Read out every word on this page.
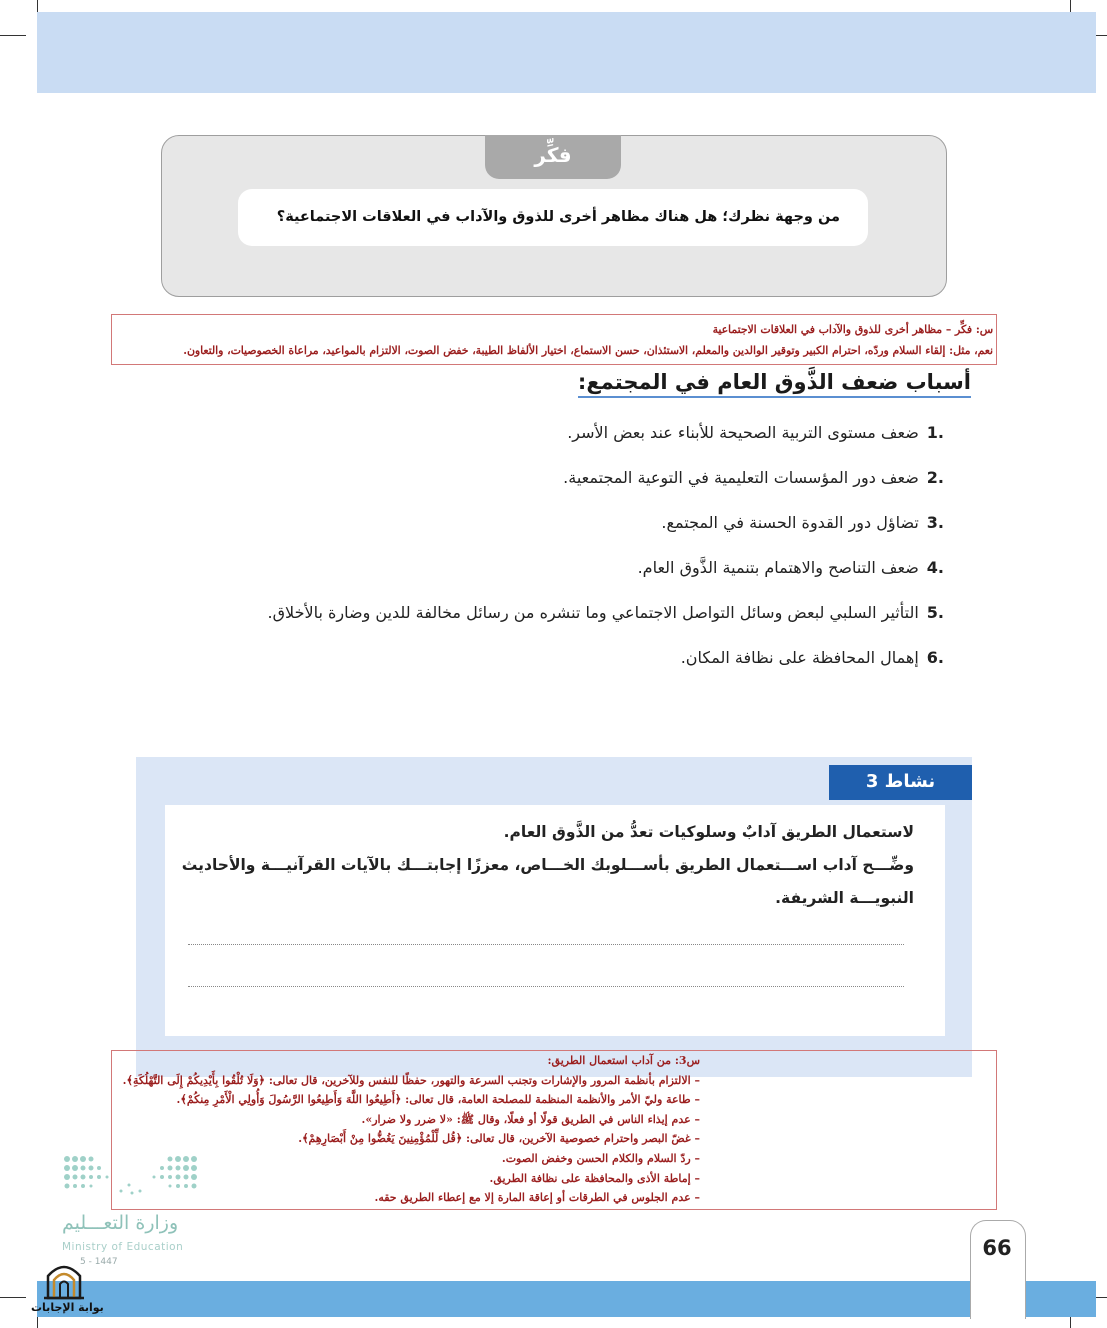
فكِّر
من وجهة نظرك؛ هل هناك مظاهر أخرى للذوق والآداب في العلاقات الاجتماعية؟
س: فكِّر – مظاهر أخرى للذوق والآداب في العلاقات الاجتماعية
نعم، مثل: إلقاء السلام وردّه، احترام الكبير وتوقير الوالدين والمعلم، الاستئذان، حسن الاستماع، اختيار الألفاظ الطيبة، خفض الصوت، الالتزام بالمواعيد، مراعاة الخصوصيات، والتعاون.
أسباب ضعف الذَّوق العام في المجتمع:
.1ضعف مستوى التربية الصحيحة للأبناء عند بعض الأسر.
.2ضعف دور المؤسسات التعليمية في التوعية المجتمعية.
.3تضاؤل دور القدوة الحسنة في المجتمع.
.4ضعف التناصح والاهتمام بتنمية الذَّوق العام.
.5التأثير السلبي لبعض وسائل التواصل الاجتماعي وما تنشره من رسائل مخالفة للدين وضارة بالأخلاق.
.6إهمال المحافظة على نظافة المكان.
نشاط 3
لاستعمال الطريق آدابٌ وسلوكيات تعدُّ من الذَّوق العام.
وضِّـــح آداب اســـتعمال الطريق بأســـلوبك الخـــاص، معززًا إجابتـــك بالآيات القرآنيـــة والأحاديث
النبويـــة الشريفة.
س3: من آداب استعمال الطريق:
– الالتزام بأنظمة المرور والإشارات وتجنب السرعة والتهور، حفظًا للنفس وللآخرين، قال تعالى: ﴿وَلَا تُلْقُوا بِأَيْدِيكُمْ إِلَى التَّهْلُكَةِ﴾.
– طاعة وليّ الأمر والأنظمة المنظمة للمصلحة العامة، قال تعالى: ﴿أَطِيعُوا اللَّهَ وَأَطِيعُوا الرَّسُولَ وَأُولِي الْأَمْرِ مِنكُمْ﴾.
– عدم إيذاء الناس في الطريق قولًا أو فعلًا، وقال ﷺ: «لا ضرر ولا ضرار».
– غضّ البصر واحترام خصوصية الآخرين، قال تعالى: ﴿قُل لِّلْمُؤْمِنِينَ يَغُضُّوا مِنْ أَبْصَارِهِمْ﴾.
– ردّ السلام والكلام الحسن وخفض الصوت.
– إماطة الأذى والمحافظة على نظافة الطريق.
– عدم الجلوس في الطرقات أو إعاقة المارة إلا مع إعطاء الطريق حقه.
وزارة التعـــليم
Ministry of Education
5 - 1447
66
بوابة الإجابات
